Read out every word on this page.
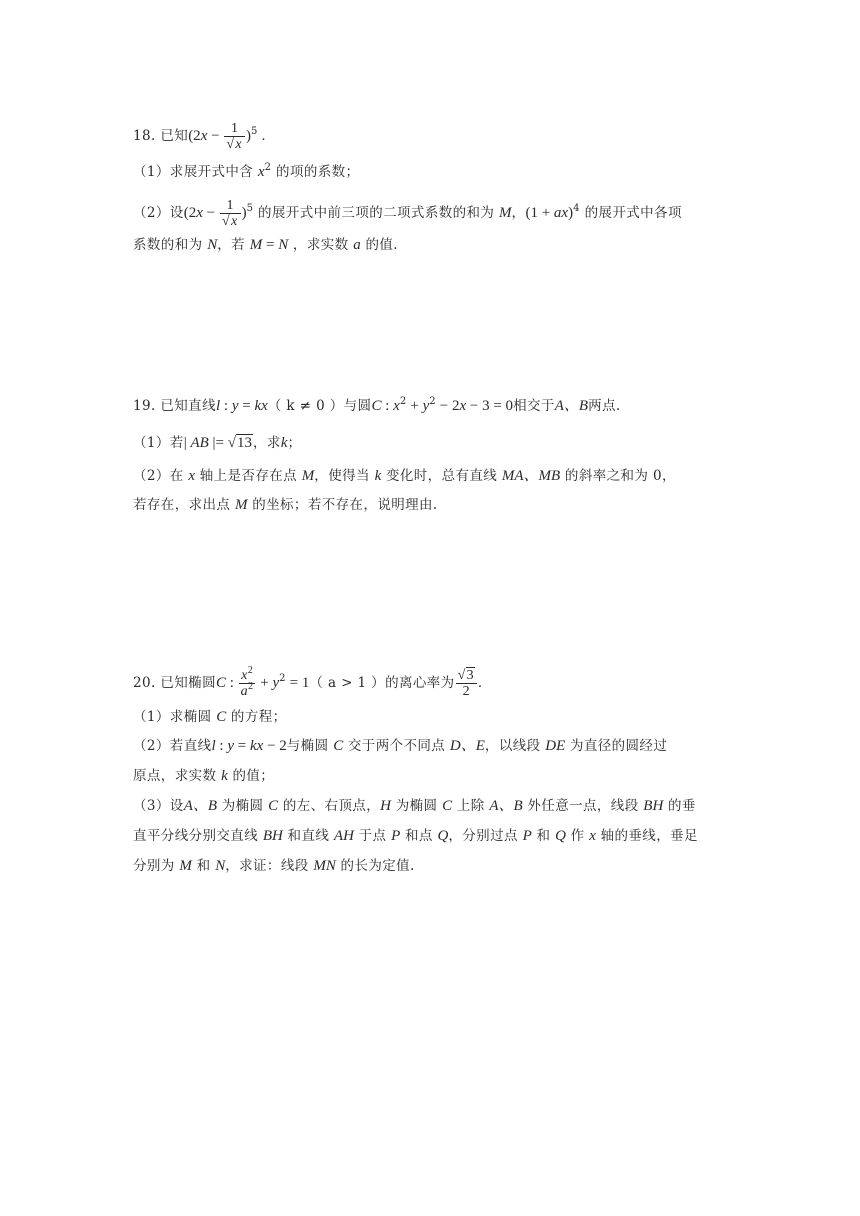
18. 已知$(2x - \frac{1}{√x} )^5$ .
（1）求展开式中含 $x^2$ 的项的系数；
（2）设$(2x - \frac{1}{√x} )^5$ 的展开式中前三项的二项式系数的和为 M，(1 + ax)$^4$ 的展开式中各项
系数的和为 N，若 M = N ，求实数 a 的值.
19. 已知直线l : y = kx（ k ≠ 0 ）与圆C : $x^2 + y^2 - 2x - 3 = 0$相交于A、B两点.
（1）若| AB |= √13，求k；
（2）在 x 轴上是否存在点 M，使得当 k 变化时，总有直线 MA、MB 的斜率之和为 0，
若存在，求出点 M 的坐标；若不存在，说明理由.
20. 已知椭圆C : $\frac{x^2}{a^2} + y^2 = 1$（ a > 1 ）的离心率为 $\frac{√3}{2}$ .
（1）求椭圆 C 的方程；
（2）若直线l : y = kx − 2与椭圆 C 交于两个不同点 D、E，以线段 DE 为直径的圆经过
原点，求实数 k 的值；
（3）设A、B 为椭圆 C 的左、右顶点，H 为椭圆 C 上除 A、B 外任意一点，线段 BH 的垂
直平分线分别交直线 BH 和直线 AH 于点 P 和点 Q，分别过点 P 和 Q 作 x 轴的垂线，垂足
分别为 M 和 N，求证：线段 MN 的长为定值.
